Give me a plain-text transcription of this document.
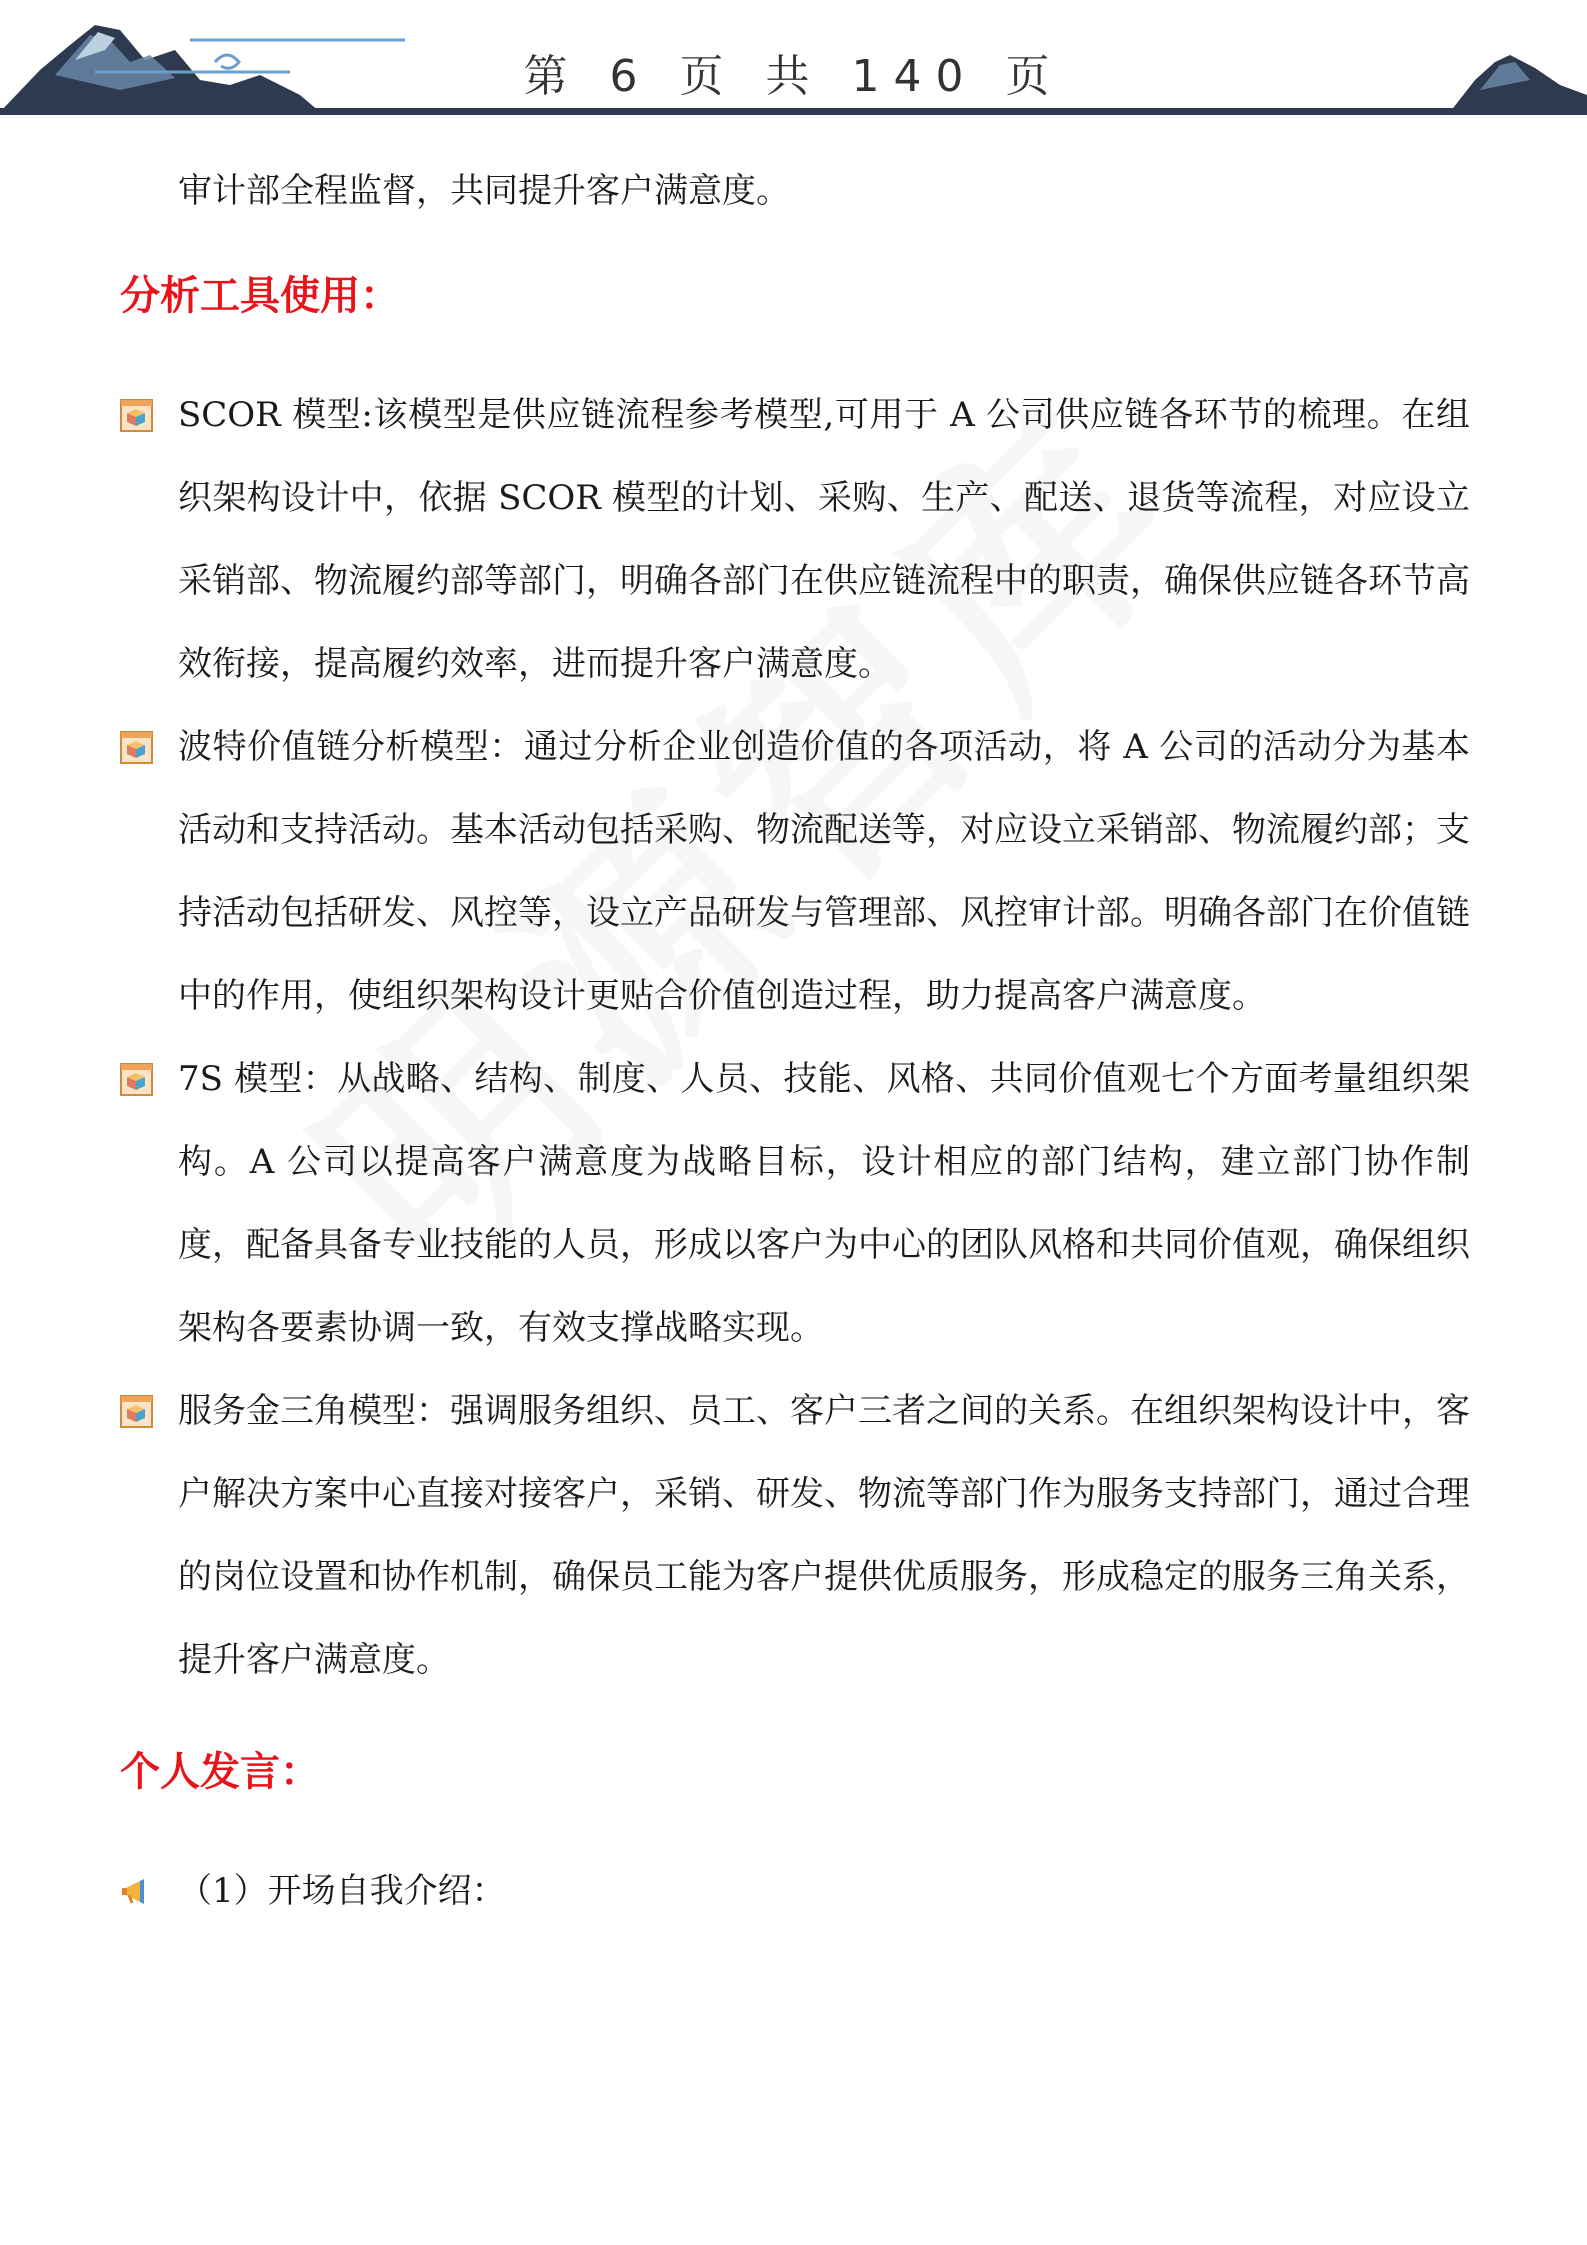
第 6 页 共 140 页

审计部全程监督，共同提升客户满意度。

分析工具使用：
SCOR 模型:该模型是供应链流程参考模型,可用于 A 公司供应链各环节的梳理。在组织架构设计中，依据 SCOR 模型的计划、采购、生产、配送、退货等流程，对应设立采销部、物流履约部等部门，明确各部门在供应链流程中的职责，确保供应链各环节高效衔接，提高履约效率，进而提升客户满意度。
波特价值链分析模型：通过分析企业创造价值的各项活动，将 A 公司的活动分为基本活动和支持活动。基本活动包括采购、物流配送等，对应设立采销部、物流履约部；支持活动包括研发、风控等，设立产品研发与管理部、风控审计部。明确各部门在价值链中的作用，使组织架构设计更贴合价值创造过程，助力提高客户满意度。
7S 模型：从战略、结构、制度、人员、技能、风格、共同价值观七个方面考量组织架构。A 公司以提高客户满意度为战略目标，设计相应的部门结构，建立部门协作制度，配备具备专业技能的人员，形成以客户为中心的团队风格和共同价值观，确保组织架构各要素协调一致，有效支撑战略实现。
服务金三角模型：强调服务组织、员工、客户三者之间的关系。在组织架构设计中，客户解决方案中心直接对接客户，采销、研发、物流等部门作为服务支持部门，通过合理的岗位设置和协作机制，确保员工能为客户提供优质服务，形成稳定的服务三角关系，提升客户满意度。
个人发言：
（1）开场自我介绍：
